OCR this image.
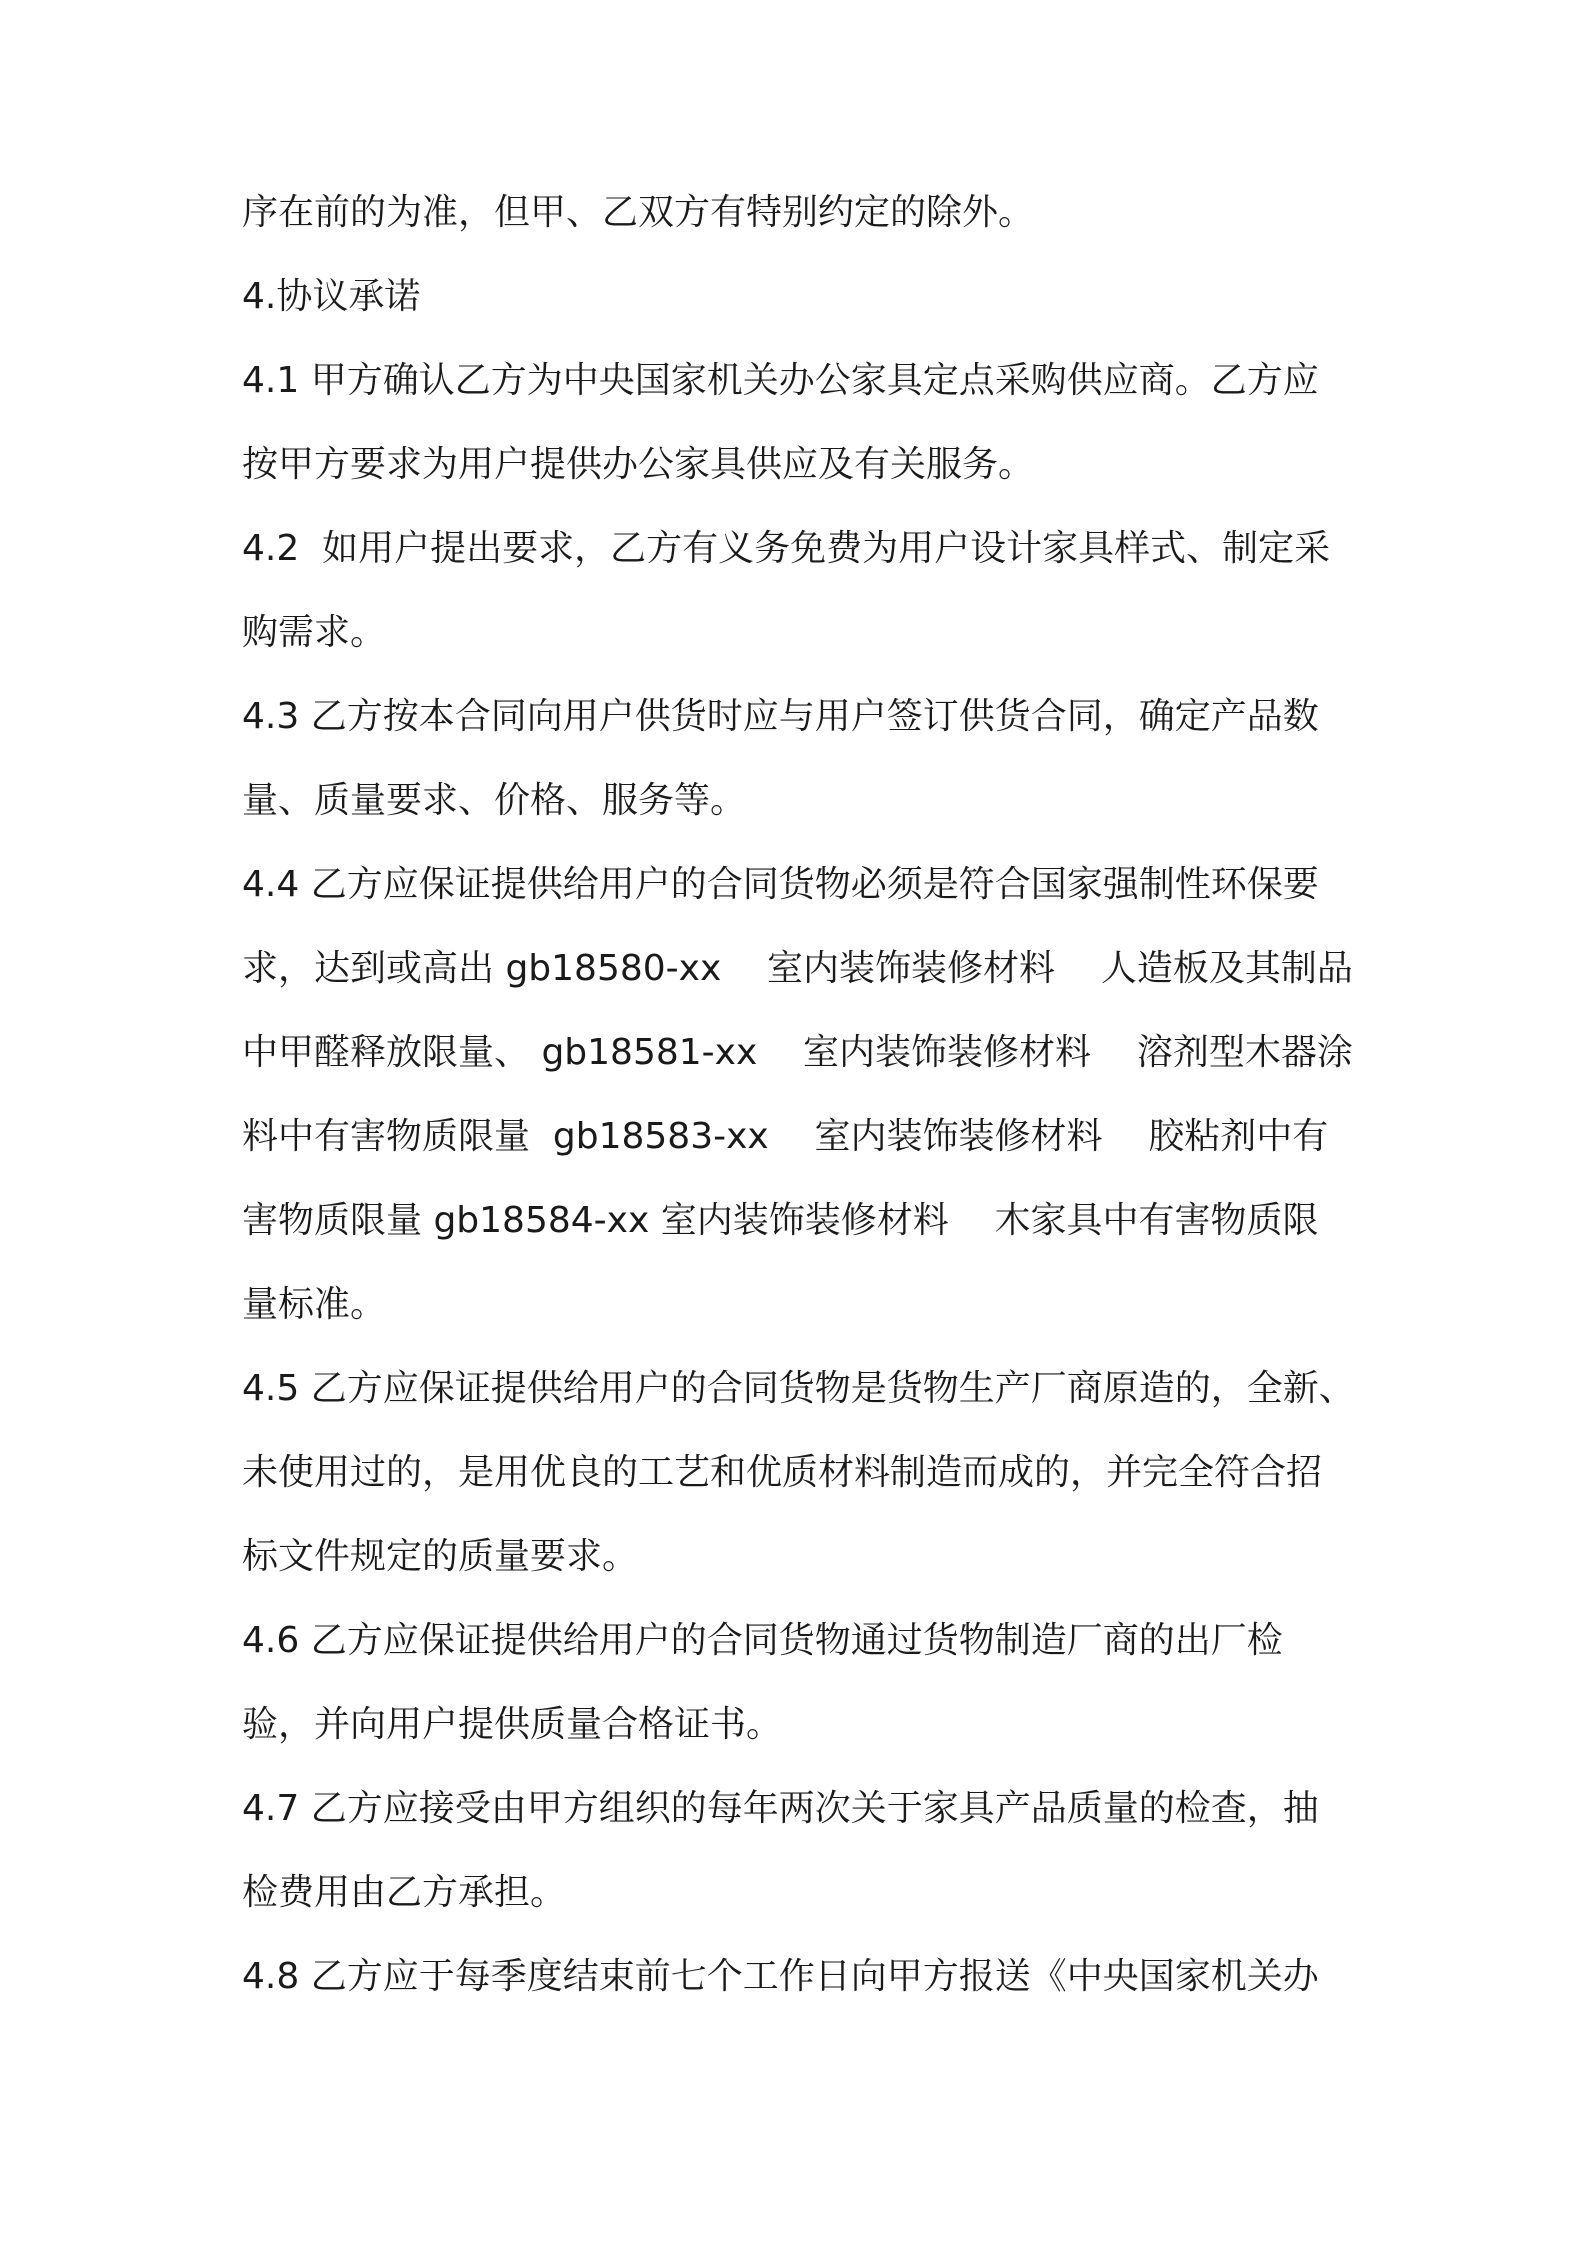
序在前的为准，但甲、乙双方有特别约定的除外。

4.协议承诺

4.1 甲方确认乙方为中央国家机关办公家具定点采购供应商。乙方应

按甲方要求为用户提供办公家具供应及有关服务。

4.2  如用户提出要求，乙方有义务免费为用户设计家具样式、制定采

购需求。

4.3 乙方按本合同向用户供货时应与用户签订供货合同，确定产品数

量、质量要求、价格、服务等。

4.4 乙方应保证提供给用户的合同货物必须是符合国家强制性环保要

求，达到或高出 gb18580-xx    室内装饰装修材料    人造板及其制品

中甲醛释放限量、 gb18581-xx    室内装饰装修材料    溶剂型木器涂

料中有害物质限量  gb18583-xx    室内装饰装修材料    胶粘剂中有

害物质限量 gb18584-xx 室内装饰装修材料    木家具中有害物质限

量标准。

4.5 乙方应保证提供给用户的合同货物是货物生产厂商原造的，全新、

未使用过的，是用优良的工艺和优质材料制造而成的，并完全符合招

标文件规定的质量要求。

4.6 乙方应保证提供给用户的合同货物通过货物制造厂商的出厂检

验，并向用户提供质量合格证书。

4.7 乙方应接受由甲方组织的每年两次关于家具产品质量的检查，抽

检费用由乙方承担。

4.8 乙方应于每季度结束前七个工作日向甲方报送《中央国家机关办
